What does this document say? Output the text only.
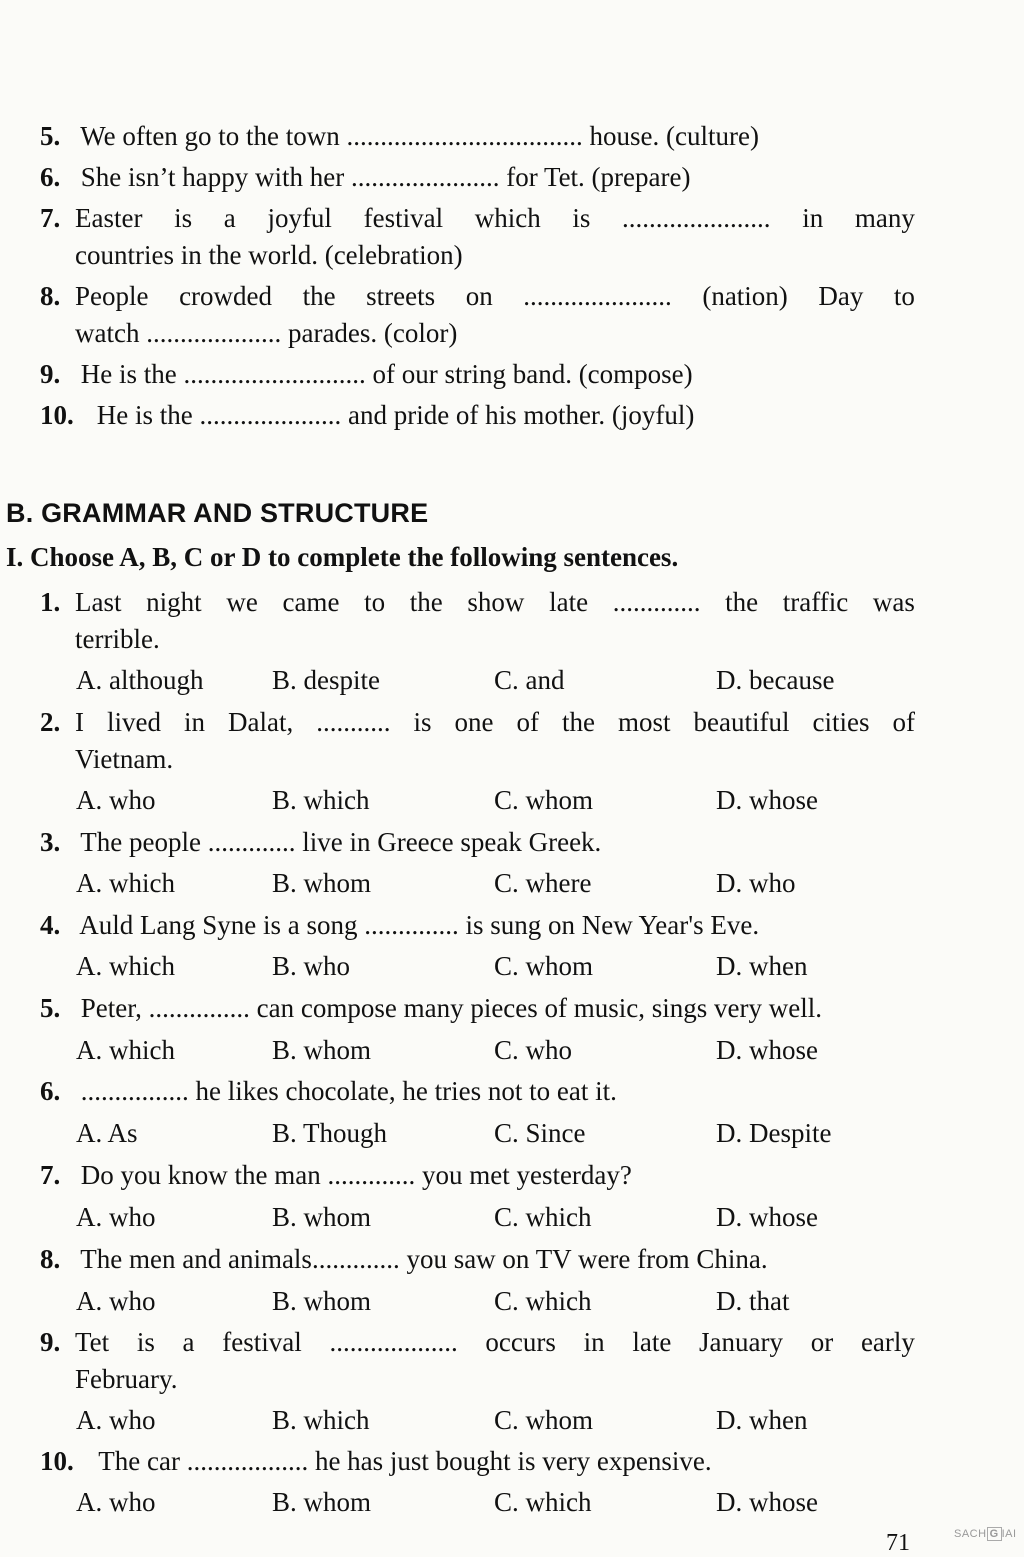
5. We often go to the town ................................... house. (culture)
6. She isn’t happy with her ...................... for Tet. (prepare)
7. Easter is a joyful festival which is ...................... in many
countries in the world. (celebration)
8. People crowded the streets on ...................... (nation) Day to
watch .................... parades. (color)
9. He is the ........................... of our string band. (compose)
10. He is the ..................... and pride of his mother. (joyful)
B. GRAMMAR AND STRUCTURE
I. Choose A, B, C or D to complete the following sentences.
1. Last night we came to the show late ............. the traffic was
terrible.
A. although	B. despite	C. and	D. because
2. I lived in Dalat, ........... is one of the most beautiful cities of
Vietnam.
A. who	B. which	C. whom	D. whose
3. The people ............. live in Greece speak Greek.
A. which	B. whom	C. where	D. who
4. Auld Lang Syne is a song .............. is sung on New Year's Eve.
A. which	B. who	C. whom	D. when
5. Peter, ............... can compose many pieces of music, sings very well.
A. which	B. whom	C. who	D. whose
6. ................ he likes chocolate, he tries not to eat it.
A. As	B. Though	C. Since	D. Despite
7. Do you know the man ............. you met yesterday?
A. who	B. whom	C. which	D. whose
8. The men and animals............. you saw on TV were from China.
A. who	B. whom	C. which	D. that
9. Tet is a festival ................... occurs in late January or early
February.
A. who	B. which	C. whom	D. when
10. The car .................. he has just bought is very expensive.
A. who	B. whom	C. which	D. whose
71	SACH G IAI
